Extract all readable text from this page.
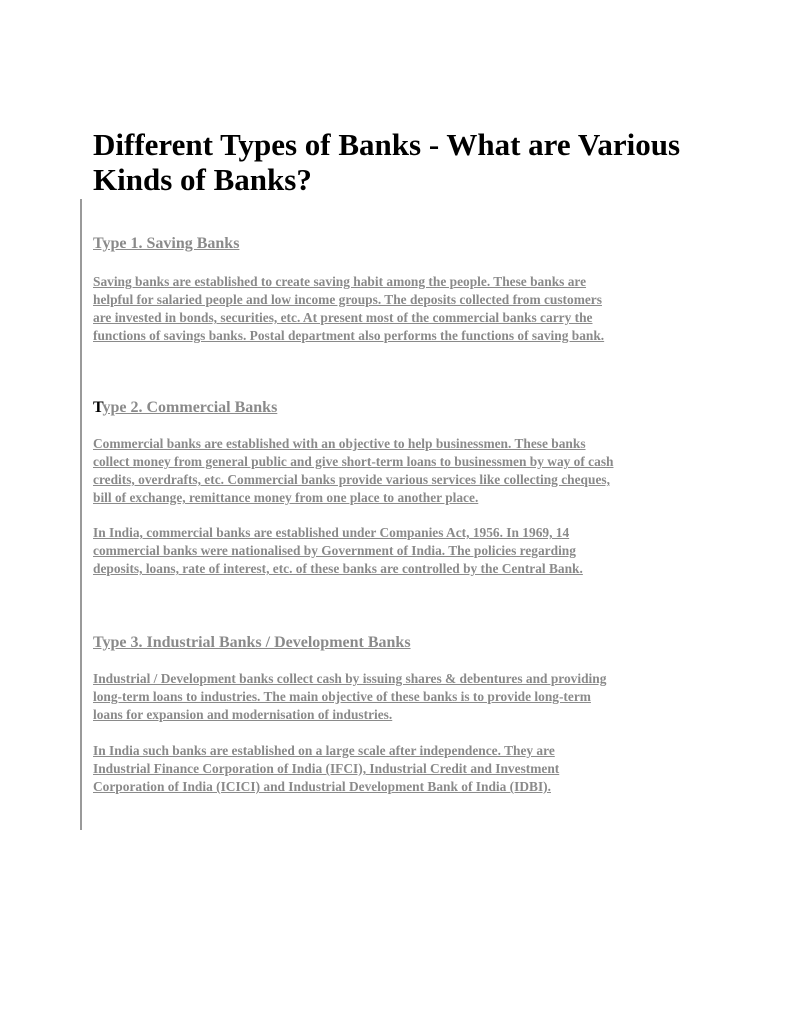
Different Types of Banks - What are Various
Kinds of Banks?
Type 1. Saving Banks

Saving banks are established to create saving habit among the people. These banks are
helpful for salaried people and low income groups. The deposits collected from customers
are invested in bonds, securities, etc. At present most of the commercial banks carry the
functions of savings banks. Postal department also performs the functions of saving bank.

Type 2. Commercial Banks

Commercial banks are established with an objective to help businessmen. These banks
collect money from general public and give short-term loans to businessmen by way of cash
credits, overdrafts, etc. Commercial banks provide various services like collecting cheques,
bill of exchange, remittance money from one place to another place.

In India, commercial banks are established under Companies Act, 1956. In 1969, 14
commercial banks were nationalised by Government of India. The policies regarding
deposits, loans, rate of interest, etc. of these banks are controlled by the Central Bank.

Type 3. Industrial Banks / Development Banks

Industrial / Development banks collect cash by issuing shares & debentures and providing
long-term loans to industries. The main objective of these banks is to provide long-term
loans for expansion and modernisation of industries.

In India such banks are established on a large scale after independence. They are
Industrial Finance Corporation of India (IFCI), Industrial Credit and Investment
Corporation of India (ICICI) and Industrial Development Bank of India (IDBI).
